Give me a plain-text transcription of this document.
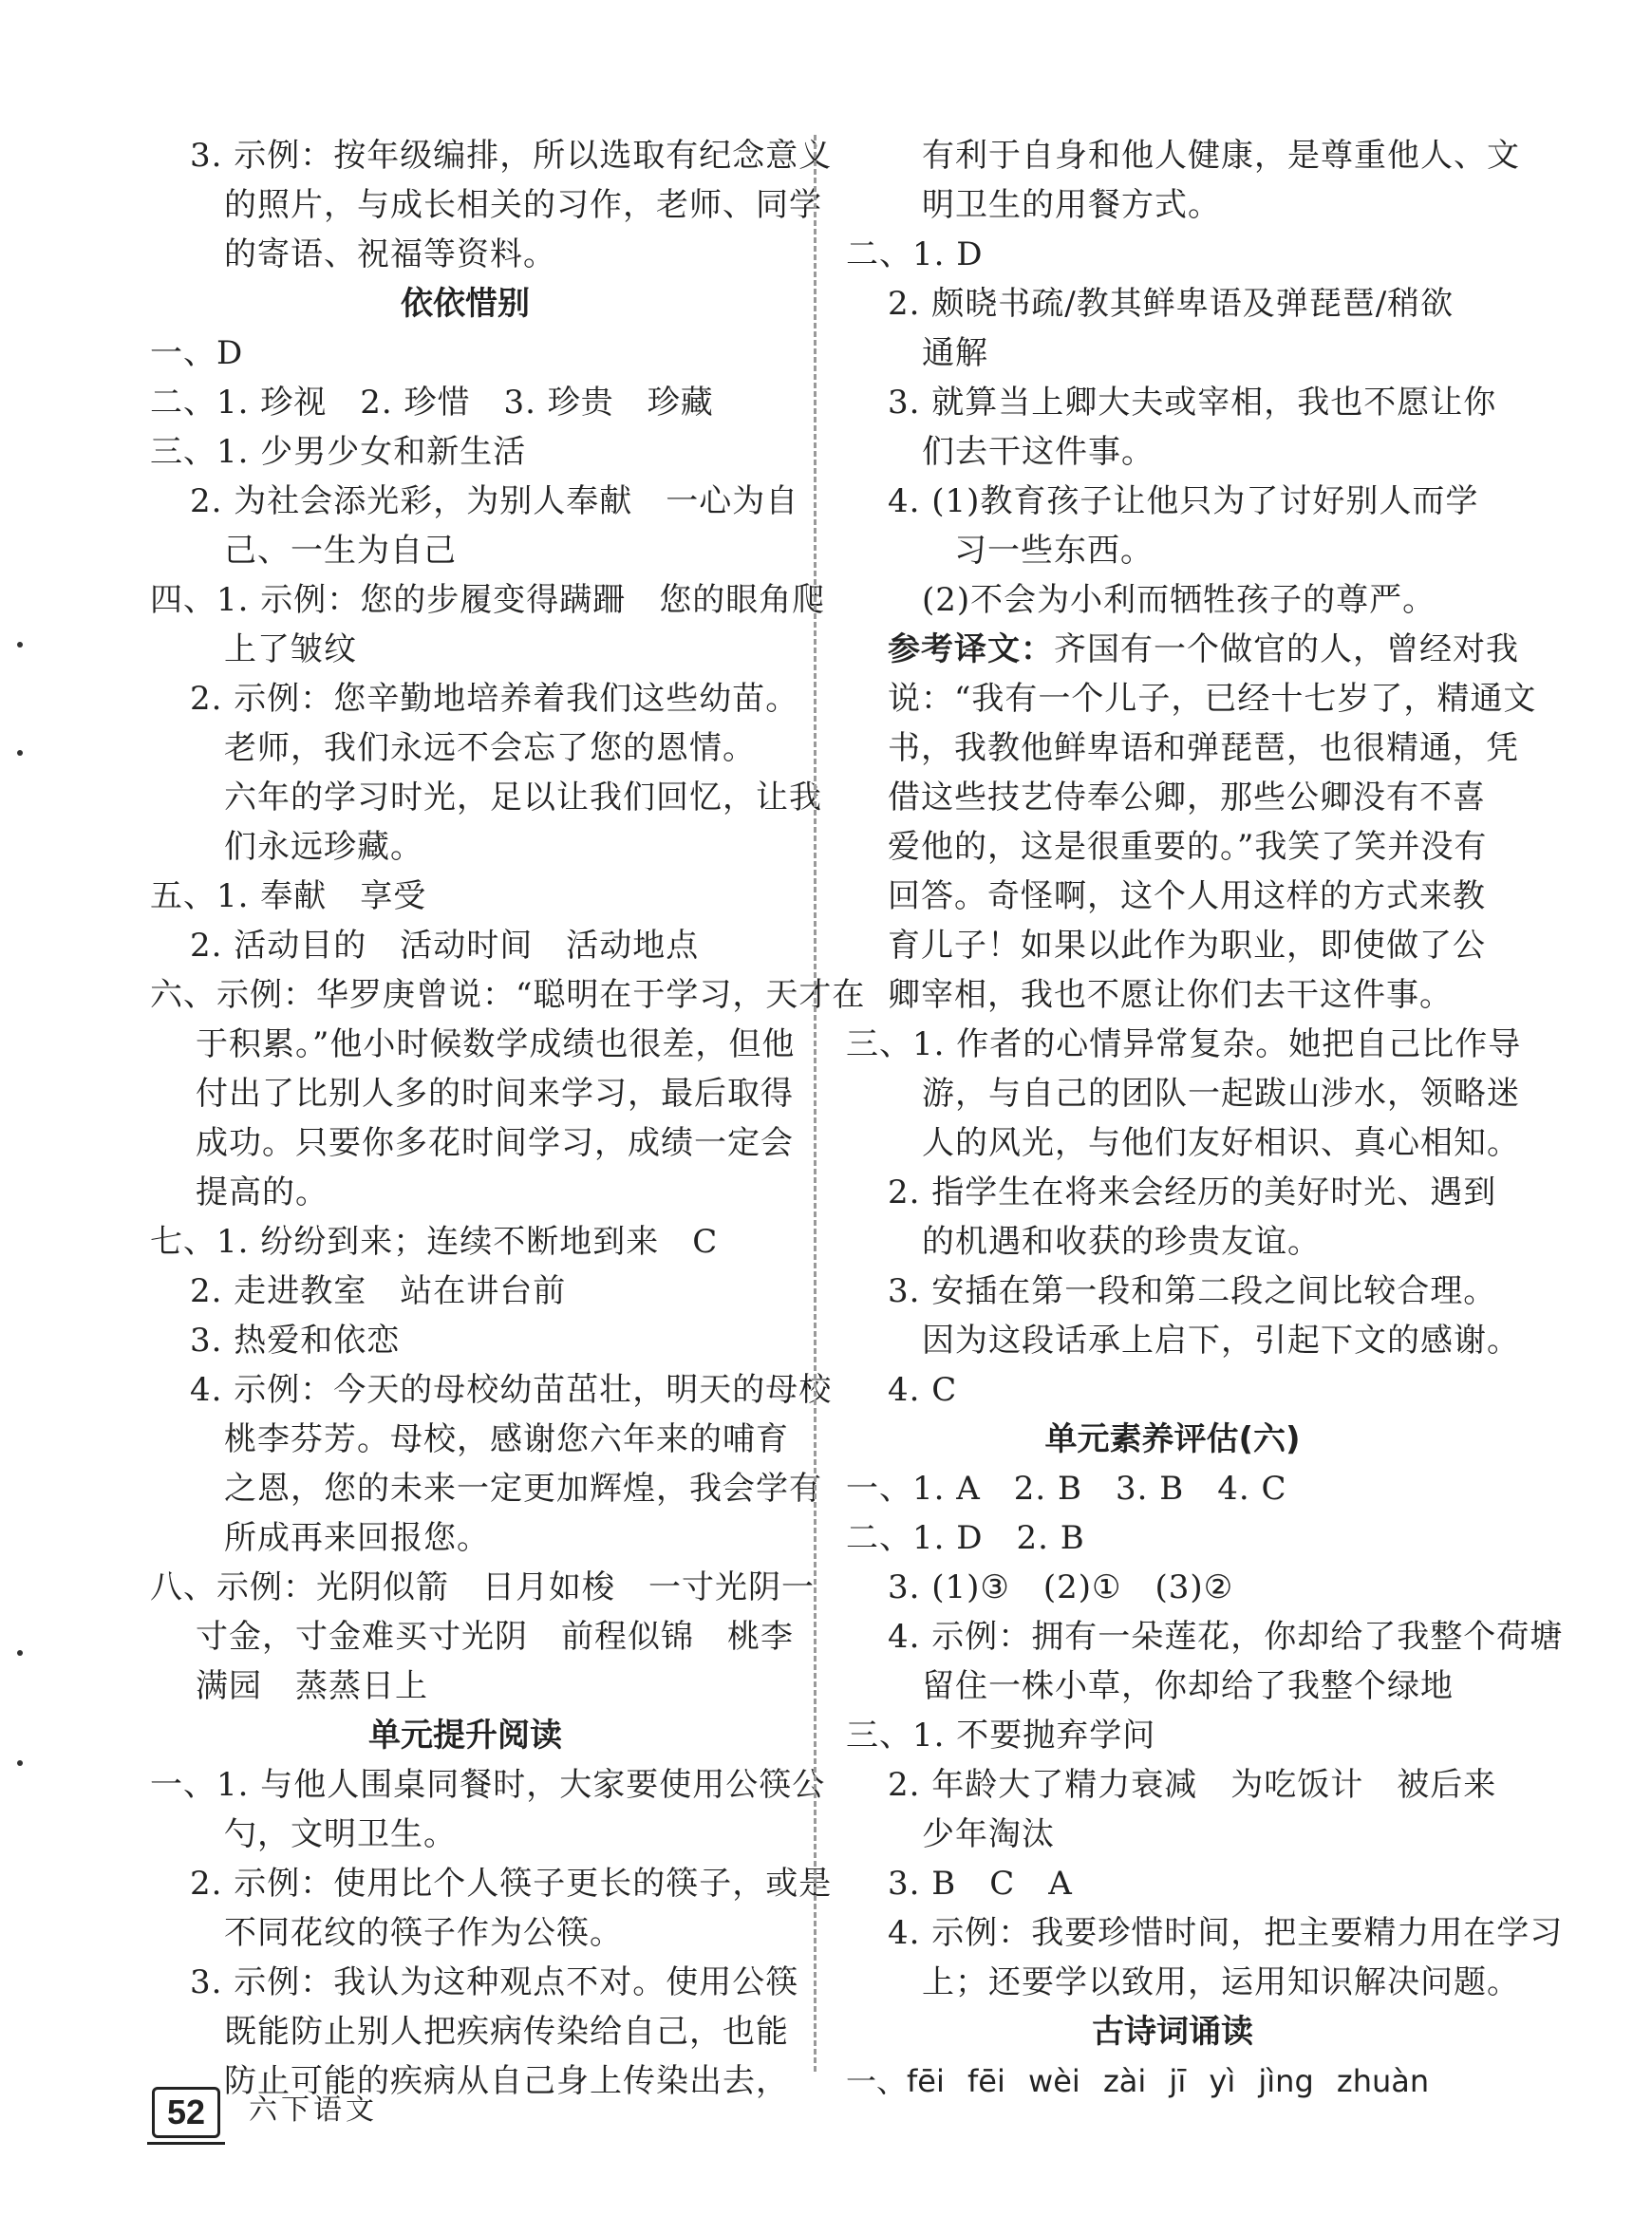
3. 示例：按年级编排，所以选取有纪念意义
的照片，与成长相关的习作，老师、同学
的寄语、祝福等资料。
依依惜别
一、D
二、1. 珍视　2. 珍惜　3. 珍贵　珍藏
三、1. 少男少女和新生活
2. 为社会添光彩，为别人奉献　一心为自
己、一生为自己
四、1. 示例：您的步履变得蹒跚　您的眼角爬
上了皱纹
2. 示例：您辛勤地培养着我们这些幼苗。
老师，我们永远不会忘了您的恩情。
六年的学习时光，足以让我们回忆，让我
们永远珍藏。
五、1. 奉献　享受
2. 活动目的　活动时间　活动地点
六、示例：华罗庚曾说：“聪明在于学习，天才在
于积累。”他小时候数学成绩也很差，但他
付出了比别人多的时间来学习，最后取得
成功。只要你多花时间学习，成绩一定会
提高的。
七、1. 纷纷到来；连续不断地到来　C
2. 走进教室　站在讲台前
3. 热爱和依恋
4. 示例：今天的母校幼苗茁壮，明天的母校
桃李芬芳。母校，感谢您六年来的哺育
之恩，您的未来一定更加辉煌，我会学有
所成再来回报您。
八、示例：光阴似箭　日月如梭　一寸光阴一
寸金，寸金难买寸光阴　前程似锦　桃李
满园　蒸蒸日上
单元提升阅读
一、1. 与他人围桌同餐时，大家要使用公筷公
勺，文明卫生。
2. 示例：使用比个人筷子更长的筷子，或是
不同花纹的筷子作为公筷。
3. 示例：我认为这种观点不对。使用公筷
既能防止别人把疾病传染给自己，也能
防止可能的疾病从自己身上传染出去，
有利于自身和他人健康，是尊重他人、文
明卫生的用餐方式。
二、1. D
2. 颇晓书疏/教其鲜卑语及弹琵琶/稍欲
通解
3. 就算当上卿大夫或宰相，我也不愿让你
们去干这件事。
4. (1)教育孩子让他只为了讨好别人而学
习一些东西。
(2)不会为小利而牺牲孩子的尊严。
参考译文：齐国有一个做官的人，曾经对我
说：“我有一个儿子，已经十七岁了，精通文
书，我教他鲜卑语和弹琵琶，也很精通，凭
借这些技艺侍奉公卿，那些公卿没有不喜
爱他的，这是很重要的。”我笑了笑并没有
回答。奇怪啊，这个人用这样的方式来教
育儿子！如果以此作为职业，即使做了公
卿宰相，我也不愿让你们去干这件事。
三、1. 作者的心情异常复杂。她把自己比作导
游，与自己的团队一起跋山涉水，领略迷
人的风光，与他们友好相识、真心相知。
2. 指学生在将来会经历的美好时光、遇到
的机遇和收获的珍贵友谊。
3. 安插在第一段和第二段之间比较合理。
因为这段话承上启下，引起下文的感谢。
4. C
单元素养评估(六)
一、1. A　2. B　3. B　4. C
二、1. D　2. B
3. (1)③　(2)①　(3)②
4. 示例：拥有一朵莲花，你却给了我整个荷塘
留住一株小草，你却给了我整个绿地
三、1. 不要抛弃学问
2. 年龄大了精力衰减　为吃饭计　被后来
少年淘汰
3. B　C　A
4. 示例：我要珍惜时间，把主要精力用在学习
上；还要学以致用，运用知识解决问题。
古诗词诵读
一、fēi fēi wèi zài jī yì jìng zhuàn
52	六下语文
